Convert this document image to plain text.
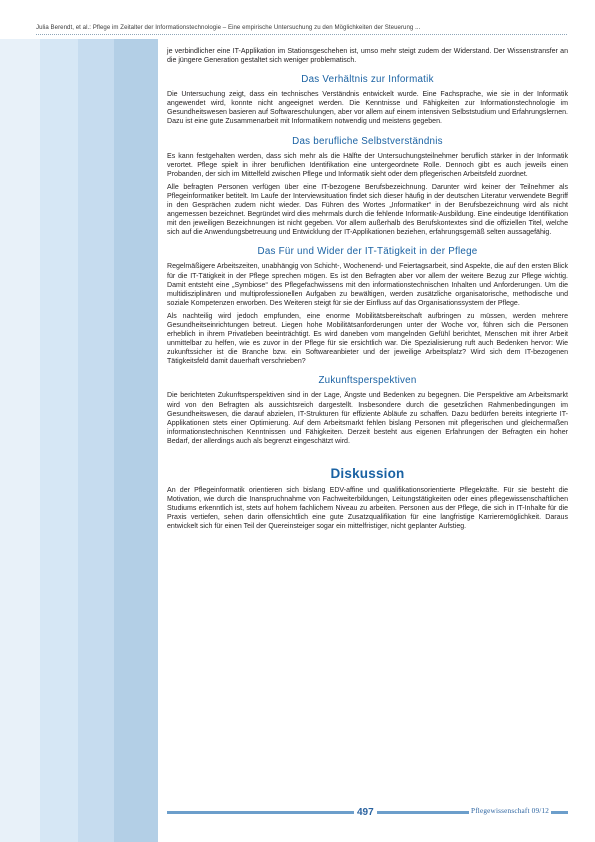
Julia Berendt, et al.: Pflege im Zeitalter der Informationstechnologie – Eine empirische Untersuchung zu den Möglichkeiten der Steuerung ...

je verbindlicher eine IT-Applikation im Stationsgeschehen ist, umso mehr steigt zudem der Widerstand. Der Wissenstransfer an die jüngere Generation gestaltet sich weniger problematisch.

Das Verhältnis zur Informatik

Die Untersuchung zeigt, dass ein technisches Verständnis entwickelt wurde. Eine Fachsprache, wie sie in der Informatik angewendet wird, konnte nicht angeeignet werden. Die Kenntnisse und Fähigkeiten zur Informationstechnologie im Gesundheitswesen basieren auf Softwareschulungen, aber vor allem auf einem intensiven Selbststudium und Erfahrungslernen. Dazu ist eine gute Zusammenarbeit mit Informatikern notwendig und meistens gegeben.

Das berufliche Selbstverständnis

Es kann festgehalten werden, dass sich mehr als die Hälfte der Untersuchungsteilnehmer beruflich stärker in der Informatik verortet. Pflege spielt in ihrer beruflichen Identifikation eine untergeordnete Rolle. Dennoch gibt es auch jeweils einen Probanden, der sich im Mittelfeld zwischen Pflege und Informatik sieht oder dem pflegerischen Arbeitsfeld zuordnet.

Alle befragten Personen verfügen über eine IT-bezogene Berufsbezeichnung. Darunter wird keiner der Teilnehmer als Pflegeinformatiker betitelt. Im Laufe der Interviewsituation findet sich dieser häufig in der deutschen Literatur verwendete Begriff in den Gesprächen zudem nicht wieder. Das Führen des Wortes „Informatiker“ in der Berufsbezeichnung wird als nicht angemessen bezeichnet. Begründet wird dies mehrmals durch die fehlende Informatik-Ausbildung. Eine eindeutige Identifikation mit den jeweiligen Bezeichnungen ist nicht gegeben. Vor allem außerhalb des Berufskontextes sind die offiziellen Titel, welche sich auf die Anwendungsbetreuung und Entwicklung der IT-Applikationen beziehen, erfahrungsgemäß selten aussagefähig.

Das Für und Wider der IT-Tätigkeit in der Pflege

Regelmäßigere Arbeitszeiten, unabhängig von Schicht-, Wochenend- und Feiertagsarbeit, sind Aspekte, die auf den ersten Blick für die IT-Tätigkeit in der Pflege sprechen mögen. Es ist den Befragten aber vor allem der weitere Bezug zur Pflege wichtig. Damit entsteht eine „Symbiose“ des Pflegefachwissens mit den informationstechnischen Inhalten und Anforderungen. Um die multidisziplinären und multiprofessionellen Aufgaben zu bewältigen, werden zusätzliche organisatorische, methodische und soziale Kompetenzen erworben. Des Weiteren steigt für sie der Einfluss auf das Organisationssystem der Pflege.

Als nachteilig wird jedoch empfunden, eine enorme Mobilitätsbereitschaft aufbringen zu müssen, werden mehrere Gesundheitseinrichtungen betreut. Liegen hohe Mobilitätsanforderungen unter der Woche vor, führen sich die Personen erheblich in ihrem Privatleben beeinträchtigt. Es wird daneben vom mangelnden Gefühl berichtet, Menschen mit ihrer Arbeit unmittelbar zu helfen, wie es zuvor in der Pflege für sie ersichtlich war. Die Spezialisierung ruft auch Bedenken hervor: Wie zukunftssicher ist die Branche bzw. ein Softwareanbieter und der jeweilige Arbeitsplatz? Wird sich dem IT-bezogenen Tätigkeitsfeld damit dauerhaft verschrieben?

Zukunftsperspektiven

Die berichteten Zukunftsperspektiven sind in der Lage, Ängste und Bedenken zu begegnen. Die Perspektive am Arbeitsmarkt wird von den Befragten als aussichtsreich dargestellt. Insbesondere durch die gesetzlichen Rahmenbedingungen im Gesundheitswesen, die darauf abzielen, IT-Strukturen für effiziente Abläufe zu schaffen. Dazu bedürfen bereits integrierte IT-Applikationen stets einer Optimierung. Auf dem Arbeitsmarkt fehlen bislang Personen mit pflegerischen und gleichermaßen informationstechnischen Kenntnissen und Fähigkeiten. Derzeit besteht aus eigenen Erfahrungen der Befragten ein hoher Bedarf, der allerdings auch als begrenzt eingeschätzt wird.

Diskussion

An der Pflegeinformatik orientieren sich bislang EDV-affine und qualifikationsorientierte Pflegekräfte. Für sie besteht die Motivation, wie durch die Inanspruchnahme von Fachweiterbildungen, Leitungstätigkeiten oder eines pflegewissenschaftlichen Studiums erkenntlich ist, stets auf hohem fachlichem Niveau zu arbeiten. Personen aus der Pflege, die sich in IT-Inhalte für die Praxis vertiefen, sehen darin offensichtlich eine gute Zusatzqualifikation für eine langfristige Karrieremöglichkeit. Daraus entwickelt sich für einen Teil der Quereinsteiger sogar ein mittelfristiger, nicht geplanter Aufstieg.

497	Pflegewissenschaft 09/12
